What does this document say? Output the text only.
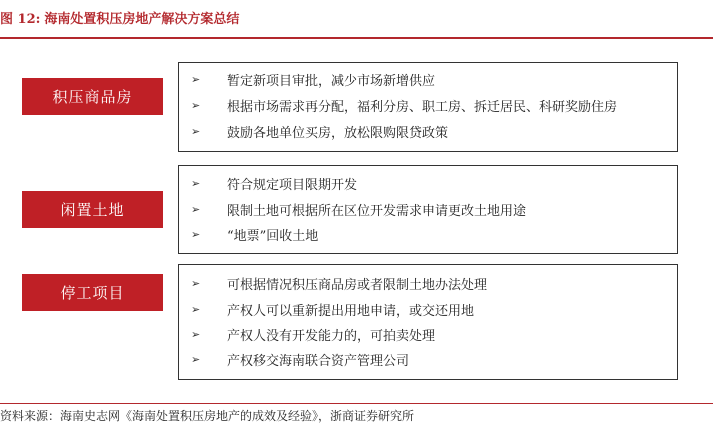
图 12: 海南处置积压房地产解决方案总结
积压商品房
➢	暂定新项目审批，减少市场新增供应
➢	根据市场需求再分配，福利分房、职工房、拆迁居民、科研奖励住房
➢	鼓励各地单位买房，放松限购限贷政策
闲置土地
➢	符合规定项目限期开发
➢	限制土地可根据所在区位开发需求申请更改土地用途
➢	“地票”回收土地
停工项目
➢	可根据情况积压商品房或者限制土地办法处理
➢	产权人可以重新提出用地申请，或交还用地
➢	产权人没有开发能力的，可拍卖处理
➢	产权移交海南联合资产管理公司
资料来源：海南史志网《海南处置积压房地产的成效及经验》，浙商证券研究所
